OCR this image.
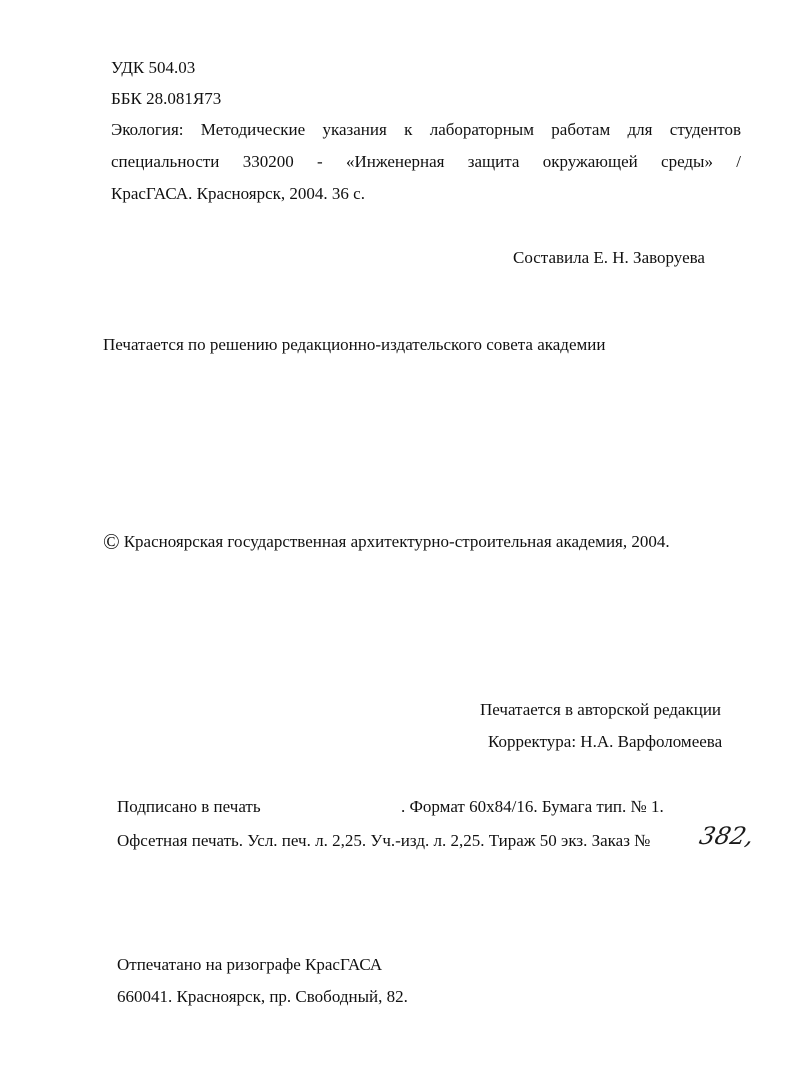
УДК 504.03
ББК 28.081Я73
Экология: Методические указания к лабораторным работам для студентов
специальности 330200 - «Инженерная защита окружающей среды» /
КрасГАСА. Красноярск, 2004. 36 с.
Составила Е. Н. Заворуева
Печатается по решению редакционно-издательского совета академии
© Красноярская государственная архитектурно-строительная академия, 2004.
Печатается в авторской редакции
Корректура: Н.А. Варфоломеева
Подписано в печать	. Формат 60х84/16. Бумага тип. № 1.
Офсетная печать. Усл. печ. л. 2,25. Уч.-изд. л. 2,25. Тираж 50 экз. Заказ № 382,
Отпечатано на ризографе КрасГАСА
660041. Красноярск, пр. Свободный, 82.
